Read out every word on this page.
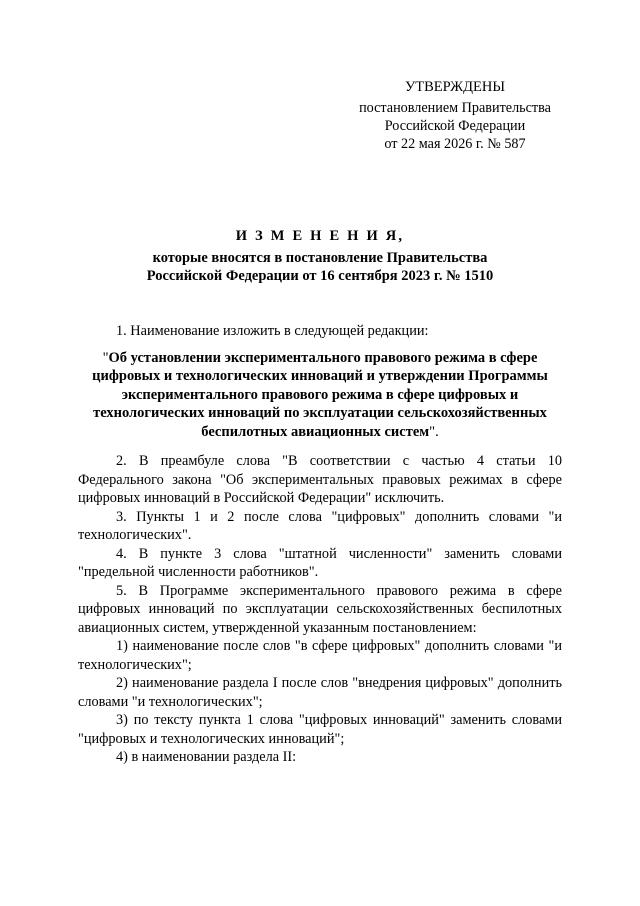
УТВЕРЖДЕНЫ
постановлением Правительства
Российской Федерации
от 22 мая 2026 г. № 587
И З М Е Н Е Н И Я,
которые вносятся в постановление Правительства
Российской Федерации от 16 сентября 2023 г. № 1510

1. Наименование изложить в следующей редакции:

"Об установлении экспериментального правового режима в сфере цифровых и технологических инноваций и утверждении Программы экспериментального правового режима в сфере цифровых и технологических инноваций по эксплуатации сельскохозяйственных беспилотных авиационных систем".

2. В преамбуле слова "В соответствии с частью 4 статьи 10 Федерального закона "Об экспериментальных правовых режимах в сфере цифровых инноваций в Российской Федерации" исключить.

3. Пункты 1 и 2 после слова "цифровых" дополнить словами "и технологических".

4. В пункте 3 слова "штатной численности" заменить словами "предельной численности работников".

5. В Программе экспериментального правового режима в сфере цифровых инноваций по эксплуатации сельскохозяйственных беспилотных авиационных систем, утвержденной указанным постановлением:

1) наименование после слов "в сфере цифровых" дополнить словами "и технологических";

2) наименование раздела I после слов "внедрения цифровых" дополнить словами "и технологических";

3) по тексту пункта 1 слова "цифровых инноваций" заменить словами "цифровых и технологических инноваций";

4) в наименовании раздела II:
